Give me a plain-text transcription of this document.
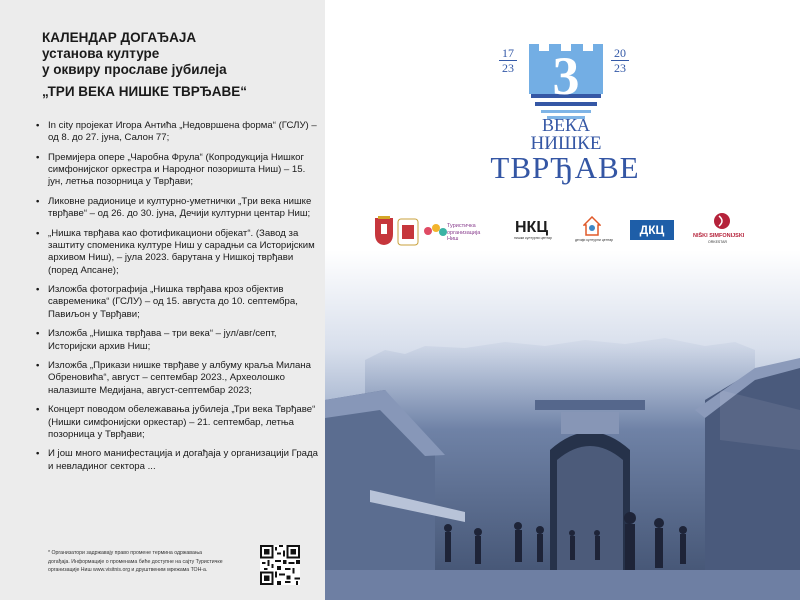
КАЛЕНДАР ДОГАЂАЈА
установа културе
у оквиру прославе јубилеја
„ТРИ ВЕКА НИШКЕ ТВРЂАВЕ“
• In city пројекат Игора Антића „Недовршена форма“ (ГСЛУ) – од 8. до 27. јуна, Салон 77;
• Премијера опере „Чаробна Фрула“ (Копродукција Нишког симфонијског оркестра и Народног позоришта Ниш) – 15. јун, летња позорница у Тврђави;
• Ликовне радионице и културно-уметнички „Tри века нишке тврђаве“ – од 26. до 30. јуна, Дечији културни центар Ниш;
• „Нишка тврђава као фотификациони објекат“. (Завод за заштиту споменика културе Ниш у сарадњи са Историјским архивом Ниш), – јула 2023. барутана у Нишкој тврђави (поред Апсане);
• Изложба фотографија „Нишка тврђава кроз објектив савременика“ (ГСЛУ) – од 15. августа до 10. септембра, Павиљон у Тврђави;
• Изложба „Нишка тврђава – три века“ – јул/авг/септ, Историјски архив Ниш;
• Изложба „Прикази нишке тврђаве у албуму краља Милана Обреновића“, август – септембар 2023., Археолошко налазиште Медијана, август-септембар 2023;
• Концерт поводом обележавања јубилеја „Три века Тврђаве“ (Нишки симфонијски оркестар) – 21. септембар, летња позорница у Тврђави;
• И још много манифестација и догађаја у организацији Града и невладиног сектора ...
* Организатори задржавају право промене термина одржавања
догађаја. Информације о променама биће доступне на сајту Туристичке
организације Ниш www.visitnis.org и друштвеним мрежама ТОН-а.
17
23 3	20
23
ВЕКА
НИШКЕ
ТВРЂАВЕ
Туристичка организација Ниш
НКЦ
нишки културни центар	дечији културни центар
ДКЦ	NIŠKI SIMFONIJSKI
ORKESTAR
